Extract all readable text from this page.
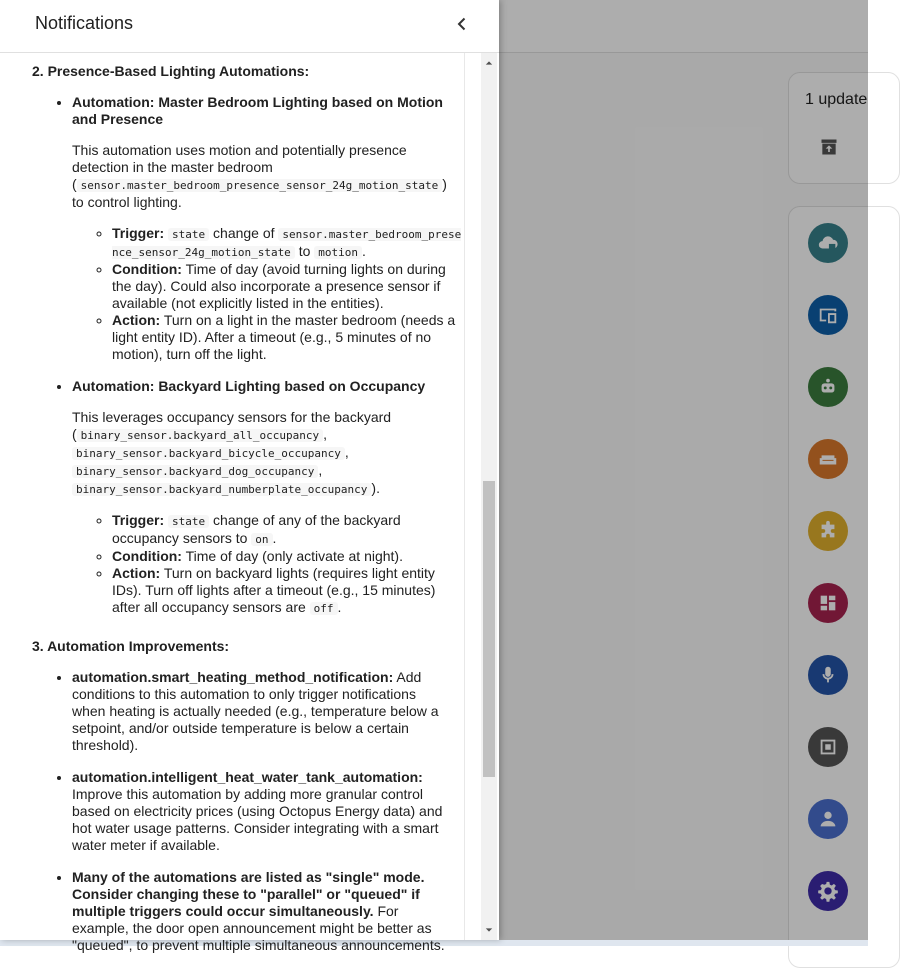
1 update
Notifications
2. Presence-Based Lighting Automations:
• Automation: Master Bedroom Lighting based on Motion and Presence
This automation uses motion and potentially presence detection in the master bedroom ( sensor.master_bedroom_presence_sensor_24g_motion_state ) to control lighting.
◦ Trigger: state change of sensor.master_bedroom_presence_sensor_24g_motion_state to motion .
◦ Condition: Time of day (avoid turning lights on during the day). Could also incorporate a presence sensor if available (not explicitly listed in the entities).
◦ Action: Turn on a light in the master bedroom (needs a light entity ID). After a timeout (e.g., 5 minutes of no motion), turn off the light.
• Automation: Backyard Lighting based on Occupancy
This leverages occupancy sensors for the backyard ( binary_sensor.backyard_all_occupancy , binary_sensor.backyard_bicycle_occupancy , binary_sensor.backyard_dog_occupancy , binary_sensor.backyard_numberplate_occupancy ).
◦ Trigger: state change of any of the backyard occupancy sensors to on .
◦ Condition: Time of day (only activate at night).
◦ Action: Turn on backyard lights (requires light entity IDs). Turn off lights after a timeout (e.g., 15 minutes) after all occupancy sensors are off .
3. Automation Improvements:
• automation.smart_heating_method_notification: Add conditions to this automation to only trigger notifications when heating is actually needed (e.g., temperature below a setpoint, and/or outside temperature is below a certain threshold).
• automation.intelligent_heat_water_tank_automation: Improve this automation by adding more granular control based on electricity prices (using Octopus Energy data) and hot water usage patterns. Consider integrating with a smart water meter if available.
• Many of the automations are listed as "single" mode. Consider changing these to "parallel" or "queued" if multiple triggers could occur simultaneously. For example, the door open announcement might be better as "queued", to prevent multiple simultaneous announcements.
